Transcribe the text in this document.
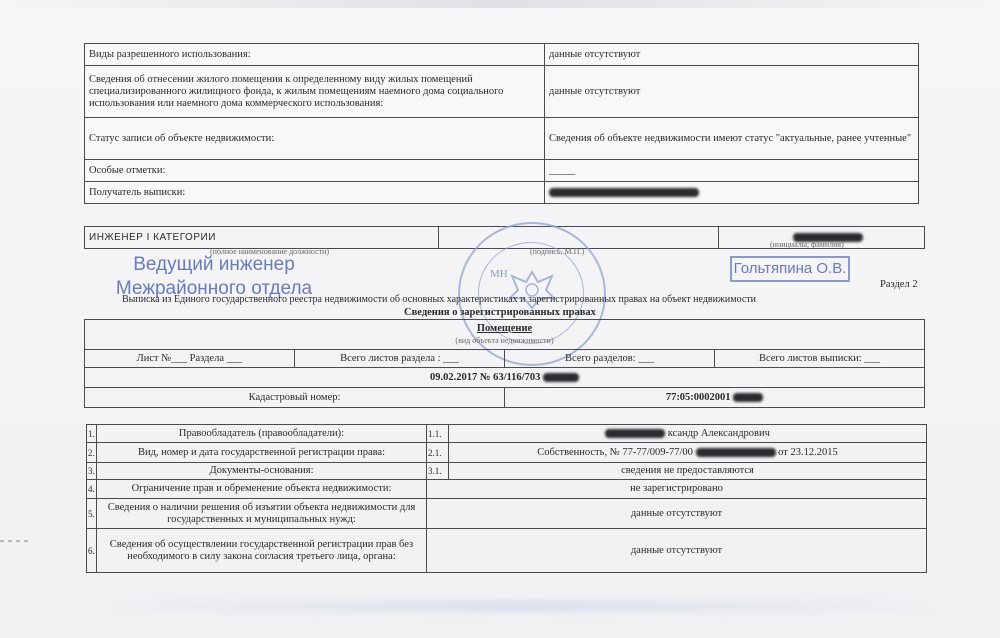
Виды разрешенного использования:	данные отсутствуют
Сведения об отнесении жилого помещения к определенному виду жилых помещений специализированного жилищного фонда, к жилым помещениям наемного дома социального использования или наемного дома коммерческого использования:	данные отсутствуют
Статус записи об объекте недвижимости:	Сведения об объекте недвижимости имеют статус "актуальные, ранее учтенные"
Особые отметки:	_____
Получатель выписки:	
ИНЖЕНЕР I КАТЕГОРИИ		
(полное наименование должности)	(подпись, М.П.)
(инициалы, фамилия)
Ведущий инженер
Межрайонного отдела
Гольтяпина О.В.
МН
Раздел 2
Выписка из Единого государственного реестра недвижимости об основных характеристиках и зарегистрированных правах на объект недвижимости
Сведения о зарегистрированных правах
Помещение
(вид объекта недвижимости)			

Лист №___ Раздела ___	Всего листов раздела : ___	Всего разделов: ___	Всего листов выписки: ___
09.02.2017 № 63/116/703			
Кадастровый номер:		77:05:0002001	
1.	Правообладатель (правообладатели):	1.1.	ксандр Александрович
2.	Вид, номер и дата государственной регистрации права:	2.1.	Собственность, № 77-77/009-77/00 от 23.12.2015
3.	Документы-основания:	3.1.	сведения не предоставляются
4.	Ограничение прав и обременение объекта недвижимости:	не зарегистрировано	
5.	Сведения о наличии решения об изъятии объекта недвижимости для государственных и муниципальных нужд:	данные отсутствуют	
6.	Сведения об осуществлении государственной регистрации прав без необходимого в силу закона согласия третьего лица, органа:	данные отсутствуют	
